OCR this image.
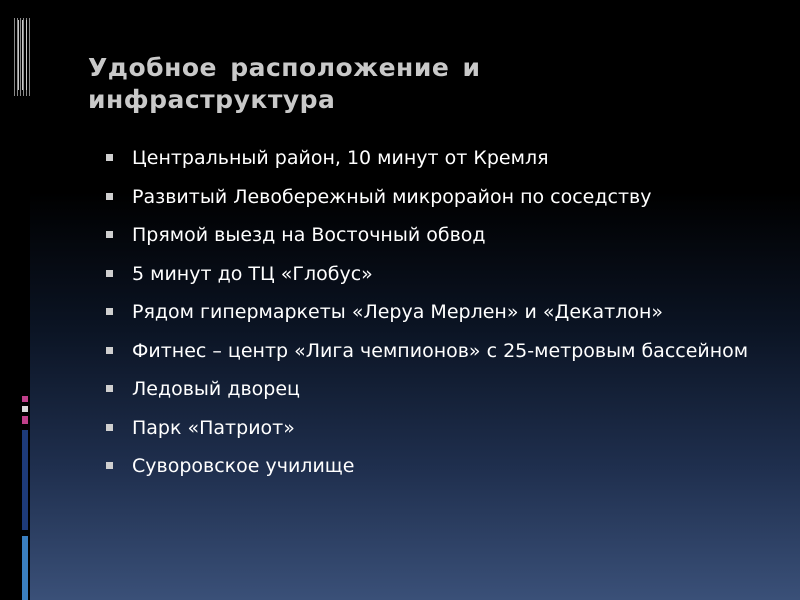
Удобное расположение и инфраструктура
Центральный район, 10 минут от Кремля
Развитый Левобережный микрорайон по соседству
Прямой выезд на Восточный обвод
5 минут до ТЦ «Глобус»
Рядом гипермаркеты «Леруа Мерлен» и «Декатлон»
Фитнес – центр «Лига чемпионов» с 25-метровым бассейном
Ледовый дворец
Парк «Патриот»
Суворовское училище
